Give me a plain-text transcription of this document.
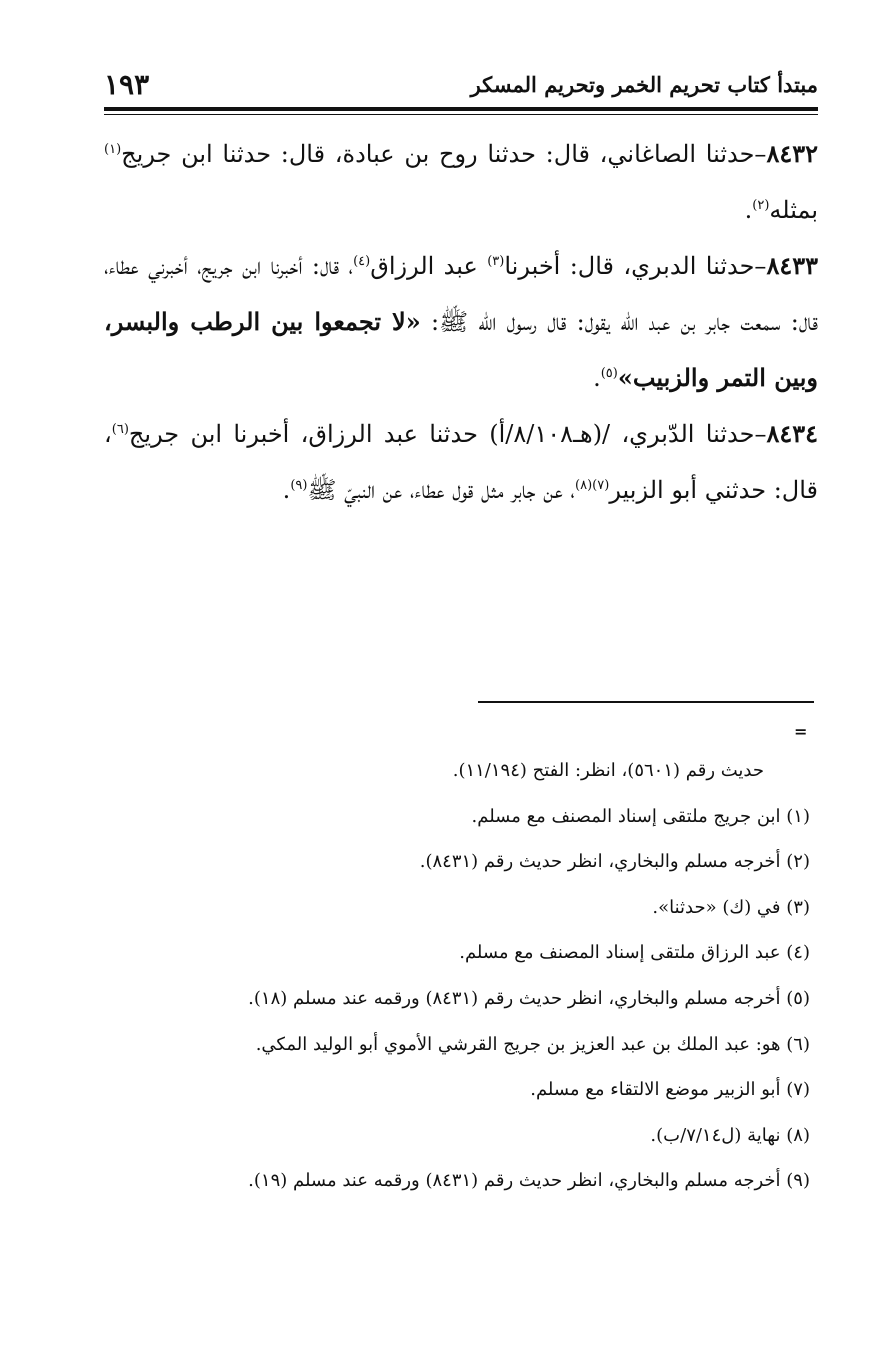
مبتدأ كتاب تحريم الخمر وتحريم المسكر
١٩٣

٨٤٣٢–حدثنا الصاغاني، قال: حدثنا روح بن عبادة، قال: حدثنا ابن جريج$^{(١)}$ بمثله$^{(٢)}$.

٨٤٣٣–حدثنا الدبري، قال: أخبرنا$^{(٣)}$ عبد الرزاق$^{(٤)}$، قال: أخبرنا ابن جريج، أخبرني عطاء، قال: سمعت جابر بن عبد الله يقول: قال رسول الله ﷺ: «لا تجمعوا بين الرطب والبسر، وبين التمر والزبيب»$^{(٥)}$.

٨٤٣٤–حدثنا الدّبري، /(هـ٨/١٠٨/أ) حدثنا عبد الرزاق، أخبرنا ابن جريج$^{(٦)}$، قال: حدثني أبو الزبير$^{(٧)(٨)}$، عن جابر مثل قول عطاء، عن النبيّ ﷺ$^{(٩)}$.

=
حديث رقم (٥٦٠١)، انظر: الفتح (١١/١٩٤).
(١) ابن جريج ملتقى إسناد المصنف مع مسلم.
(٢) أخرجه مسلم والبخاري، انظر حديث رقم (٨٤٣١).
(٣) في (ك) «حدثنا».
(٤) عبد الرزاق ملتقى إسناد المصنف مع مسلم.
(٥) أخرجه مسلم والبخاري، انظر حديث رقم (٨٤٣١) ورقمه عند مسلم (١٨).
(٦) هو: عبد الملك بن عبد العزيز بن جريج القرشي الأموي أبو الوليد المكي.
(٧) أبو الزبير موضع الالتقاء مع مسلم.
(٨) نهاية (ل٧/١٤/ب).
(٩) أخرجه مسلم والبخاري، انظر حديث رقم (٨٤٣١) ورقمه عند مسلم (١٩).
